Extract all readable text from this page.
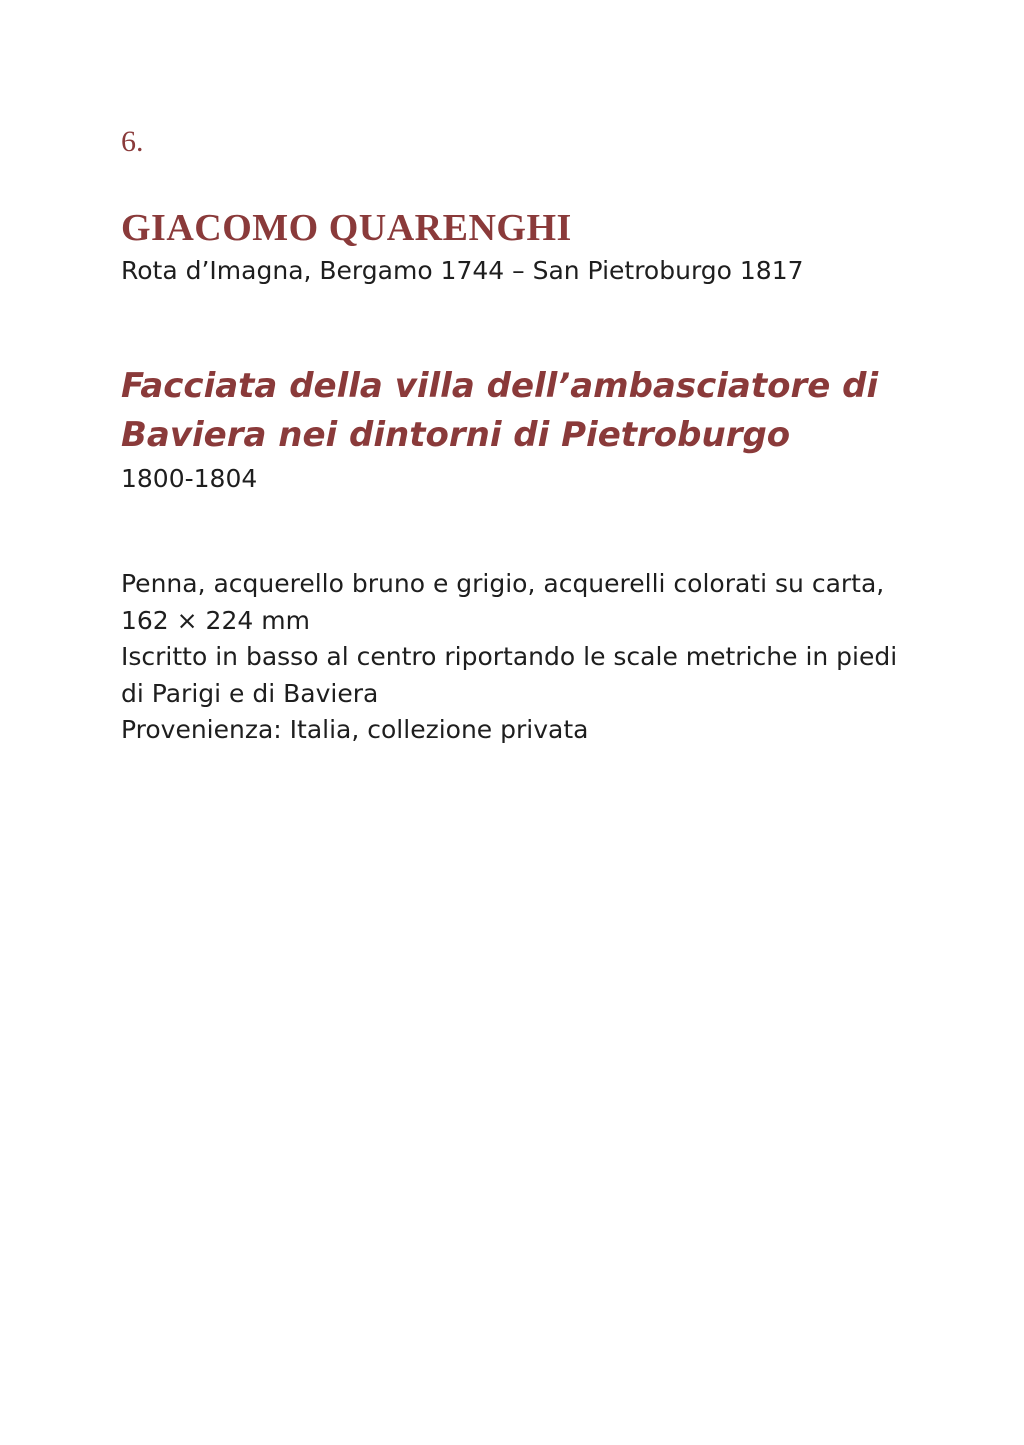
6.
GIACOMO QUARENGHI
Rota d’Imagna, Bergamo 1744 – San Pietroburgo 1817
Facciata della villa dell’ambasciatore di
Baviera nei dintorni di Pietroburgo
1800-1804
Penna, acquerello bruno e grigio, acquerelli colorati su carta,
162 × 224 mm
Iscritto in basso al centro riportando le scale metriche in piedi
di Parigi e di Baviera
Provenienza: Italia, collezione privata
